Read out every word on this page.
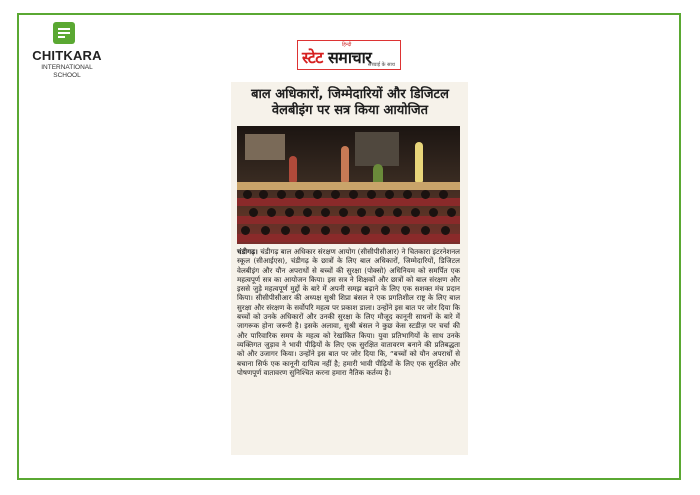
CHITKARA
INTERNATIONAL
SCHOOL
हिन्दी
स्टेट समाचार
सच्चाई के साथ
बाल अधिकारों, जिम्मेदारियों और डिजिटल वेलबीइंग पर सत्र किया आयोजित
चंडीगढ़। चंडीगढ़ बाल अधिकार संरक्षण आयोग (सीसीपीसीआर) ने चितकारा इंटरनेशनल स्कूल (सीआईएस), चंडीगढ़ के छात्रों के लिए बाल अधिकारों, जिम्मेदारियों, डिजिटल वेलबीइंग और यौन अपराधों से बच्चों की सुरक्षा (पोक्सो) अधिनियम को समर्पित एक महत्वपूर्ण सत्र का आयोजन किया। इस सत्र ने शिक्षकों और छात्रों को बाल संरक्षण और इससे जुड़े महत्वपूर्ण मुद्दों के बारे में अपनी समझ बढ़ाने के लिए एक सशक्त मंच प्रदान किया। सीसीपीसीआर की अध्यक्ष सुश्री शिप्रा बंसल ने एक प्रगतिशील राष्ट्र के लिए बाल सुरक्षा और संरक्षण के सर्वोपरि महत्व पर प्रकाश डाला। उन्होंने इस बात पर जोर दिया कि बच्चों को उनके अधिकारों और उनकी सुरक्षा के लिए मौजूद कानूनी साधनों के बारे में जागरूक होना जरूरी है। इसके अलावा, सुश्री बंसल ने कुछ केस स्टडीज़ पर चर्चा की और पारिवारिक समय के महत्व को रेखांकित किया। युवा प्रतिभागियों के साथ उनके व्यक्तिगत जुड़ाव ने भावी पीढ़ियों के लिए एक सुरक्षित वातावरण बनाने की प्रतिबद्धता को और उजागर किया। उन्होंने इस बात पर जोर दिया कि, “बच्चों को यौन अपराधों से बचाना सिर्फ एक कानूनी दायित्व नहीं है; हमारी भावी पीढ़ियों के लिए एक सुरक्षित और पोषणपूर्ण वातावरण सुनिश्चित करना हमारा नैतिक कर्तव्य है।
